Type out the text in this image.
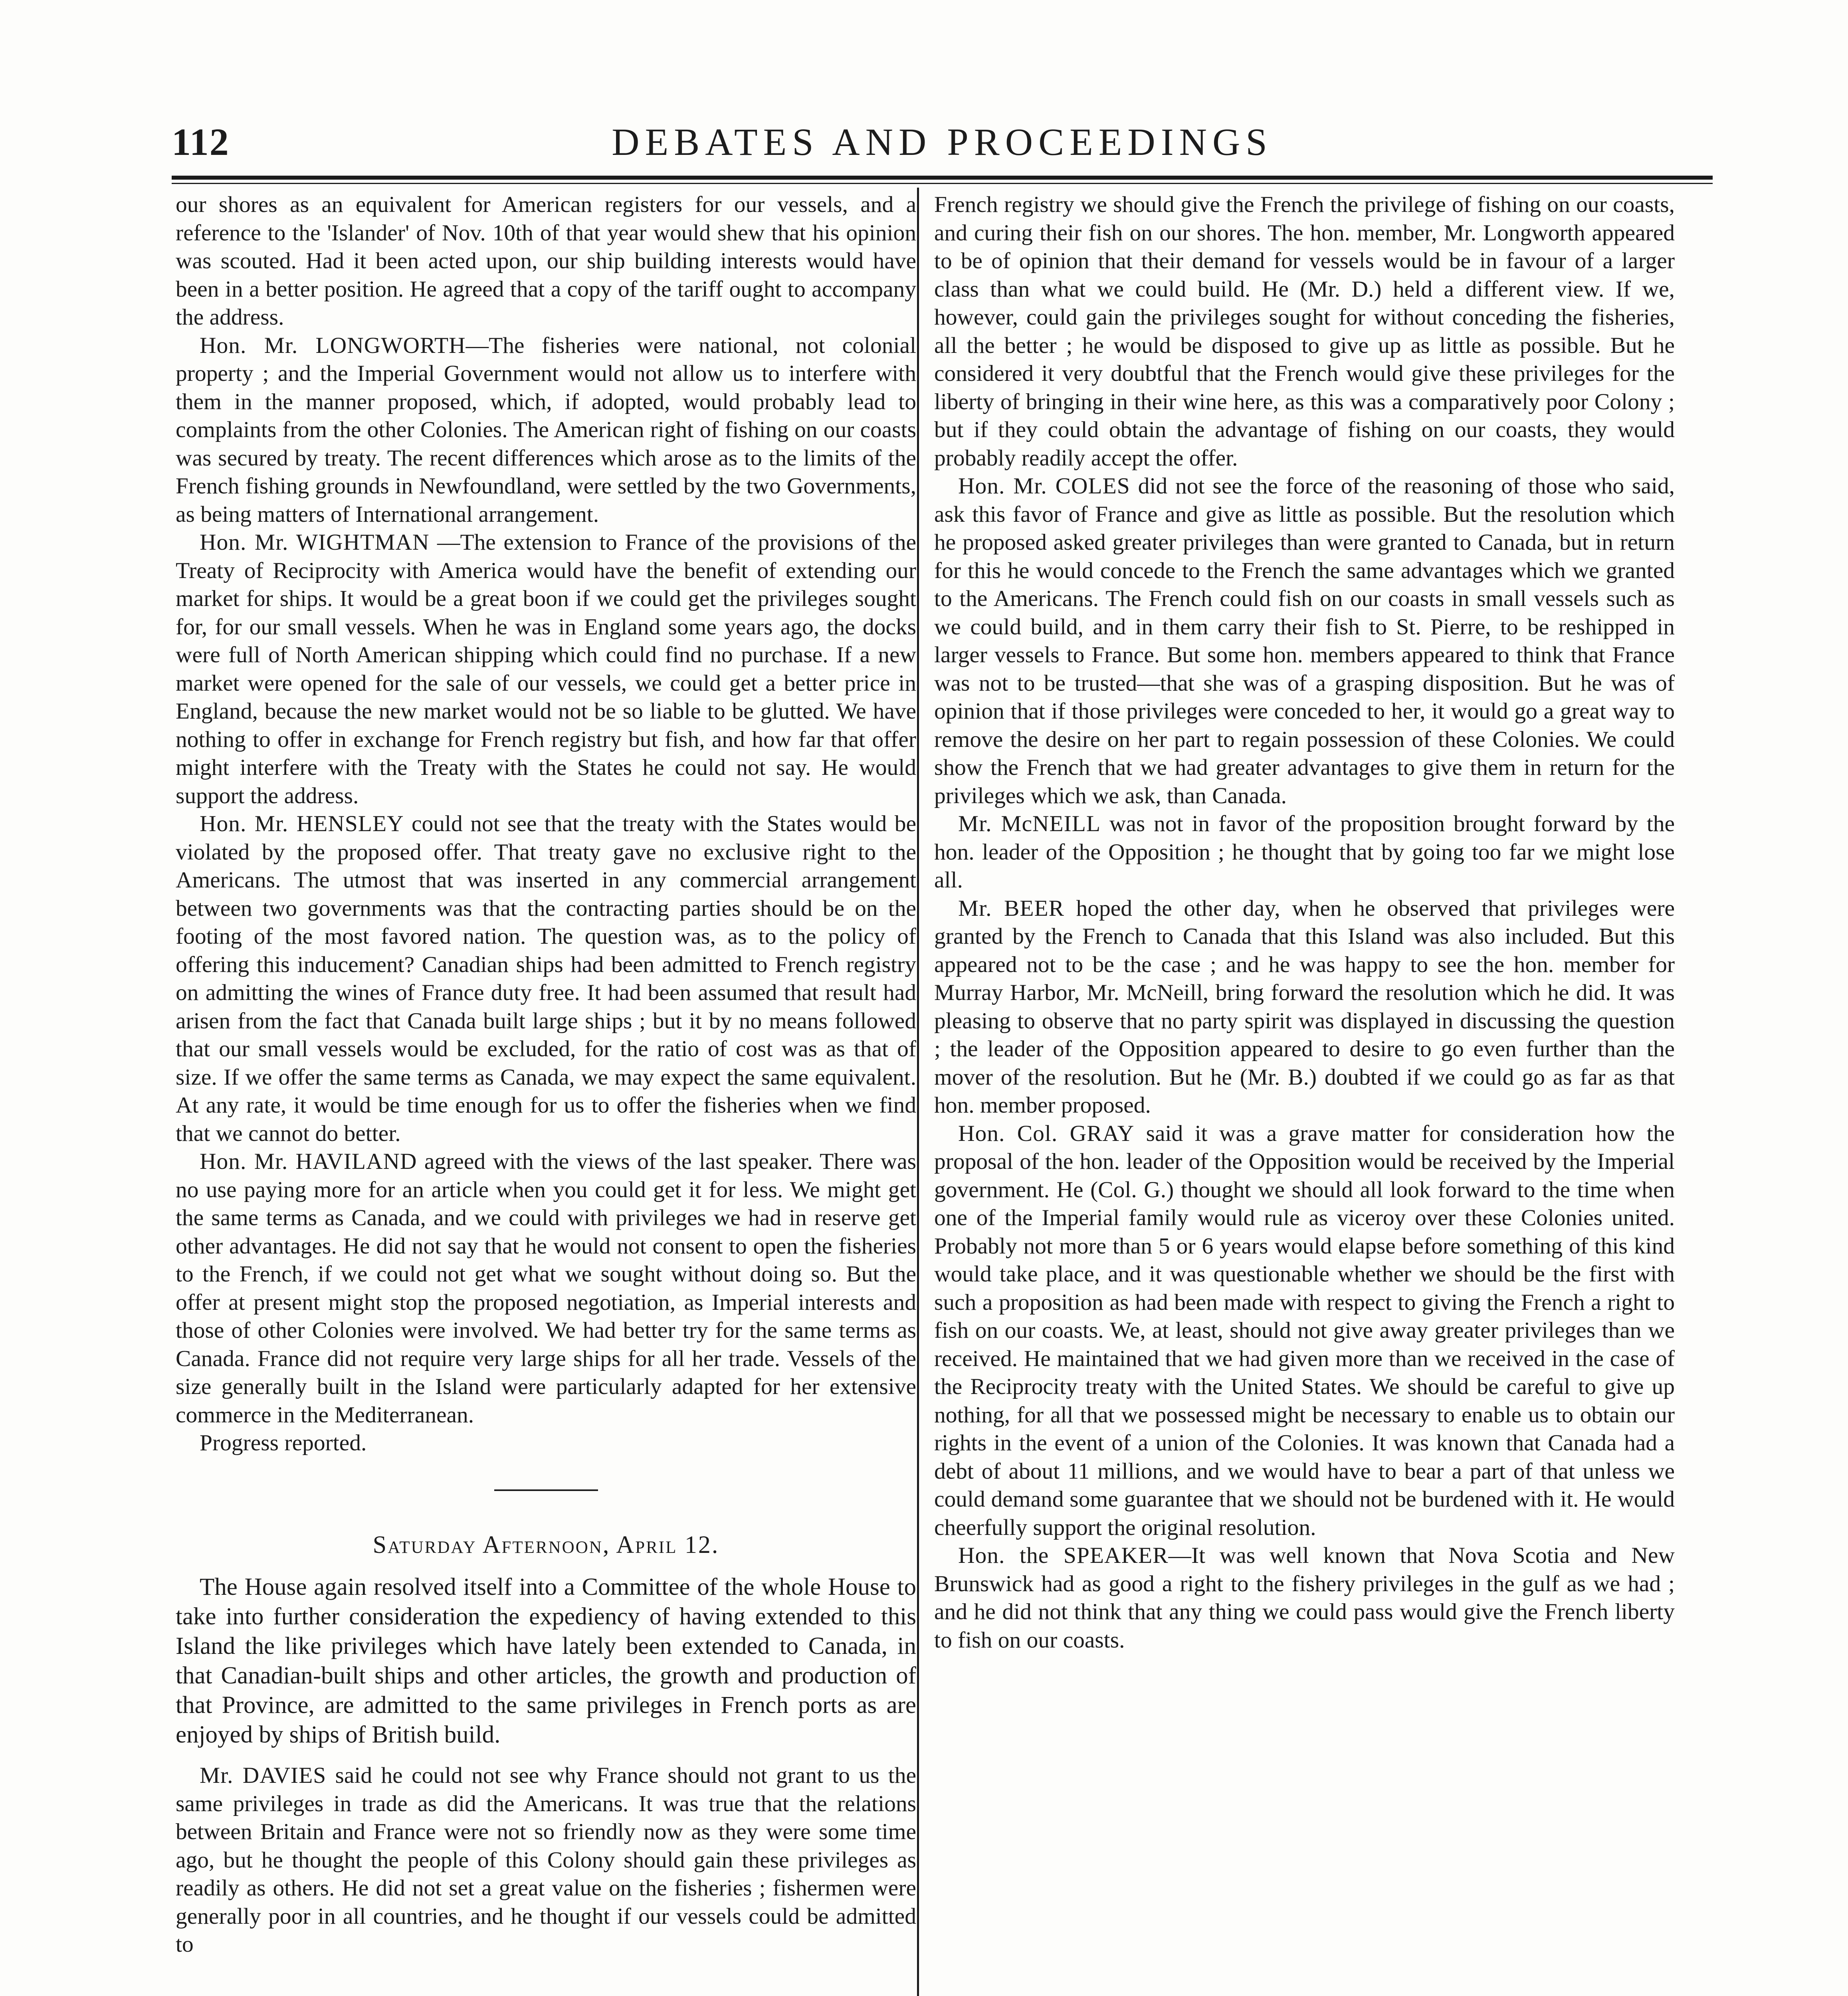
112	DEBATES AND PROCEEDINGS

our shores as an equivalent for American registers for our vessels, and a reference to the 'Islander' of Nov. 10th of that year would shew that his opinion was scouted. Had it been acted upon, our ship building interests would have been in a better position. He agreed that a copy of the tariff ought to accompany the address.

Hon. Mr. LONGWORTH—The fisheries were national, not colonial property ; and the Imperial Government would not allow us to interfere with them in the manner proposed, which, if adopted, would probably lead to complaints from the other Colonies. The American right of fishing on our coasts was secured by treaty. The recent differences which arose as to the limits of the French fishing grounds in Newfoundland, were settled by the two Governments, as being matters of International arrangement.

Hon. Mr. WIGHTMAN —The extension to France of the provisions of the Treaty of Reciprocity with America would have the benefit of extending our market for ships. It would be a great boon if we could get the privileges sought for, for our small vessels. When he was in England some years ago, the docks were full of North American shipping which could find no purchase. If a new market were opened for the sale of our vessels, we could get a better price in England, because the new market would not be so liable to be glutted. We have nothing to offer in exchange for French registry but fish, and how far that offer might interfere with the Treaty with the States he could not say. He would support the address.

Hon. Mr. HENSLEY could not see that the treaty with the States would be violated by the proposed offer. That treaty gave no exclusive right to the Americans. The utmost that was inserted in any commercial arrangement between two governments was that the contracting parties should be on the footing of the most favored nation. The question was, as to the policy of offering this inducement? Canadian ships had been admitted to French registry on admitting the wines of France duty free. It had been assumed that result had arisen from the fact that Canada built large ships ; but it by no means followed that our small vessels would be excluded, for the ratio of cost was as that of size. If we offer the same terms as Canada, we may expect the same equivalent. At any rate, it would be time enough for us to offer the fisheries when we find that we cannot do better.

Hon. Mr. HAVILAND agreed with the views of the last speaker. There was no use paying more for an article when you could get it for less. We might get the same terms as Canada, and we could with privileges we had in reserve get other advantages. He did not say that he would not consent to open the fisheries to the French, if we could not get what we sought without doing so. But the offer at present might stop the proposed negotiation, as Imperial interests and those of other Colonies were involved. We had better try for the same terms as Canada. France did not require very large ships for all her trade. Vessels of the size generally built in the Island were particularly adapted for her extensive commerce in the Mediterranean.

Progress reported.

Saturday Afternoon, April 12.

The House again resolved itself into a Committee of the whole House to take into further consideration the expediency of having extended to this Island the like privileges which have lately been extended to Canada, in that Canadian-built ships and other articles, the growth and production of that Province, are admitted to the same privileges in French ports as are enjoyed by ships of British build.

Mr. DAVIES said he could not see why France should not grant to us the same privileges in trade as did the Americans. It was true that the relations between Britain and France were not so friendly now as they were some time ago, but he thought the people of this Colony should gain these privileges as readily as others. He did not set a great value on the fisheries ; fishermen were generally poor in all countries, and he thought if our vessels could be admitted to

French registry we should give the French the privilege of fishing on our coasts, and curing their fish on our shores. The hon. member, Mr. Longworth appeared to be of opinion that their demand for vessels would be in favour of a larger class than what we could build. He (Mr. D.) held a different view. If we, however, could gain the privileges sought for without conceding the fisheries, all the better ; he would be disposed to give up as little as possible. But he considered it very doubtful that the French would give these privileges for the liberty of bringing in their wine here, as this was a comparatively poor Colony ; but if they could obtain the advantage of fishing on our coasts, they would probably readily accept the offer.

Hon. Mr. COLES did not see the force of the reasoning of those who said, ask this favor of France and give as little as possible. But the resolution which he proposed asked greater privileges than were granted to Canada, but in return for this he would concede to the French the same advantages which we granted to the Americans. The French could fish on our coasts in small vessels such as we could build, and in them carry their fish to St. Pierre, to be reshipped in larger vessels to France. But some hon. members appeared to think that France was not to be trusted—that she was of a grasping disposition. But he was of opinion that if those privileges were conceded to her, it would go a great way to remove the desire on her part to regain possession of these Colonies. We could show the French that we had greater advantages to give them in return for the privileges which we ask, than Canada.

Mr. McNEILL was not in favor of the proposition brought forward by the hon. leader of the Opposition ; he thought that by going too far we might lose all.

Mr. BEER hoped the other day, when he observed that privileges were granted by the French to Canada that this Island was also included. But this appeared not to be the case ; and he was happy to see the hon. member for Murray Harbor, Mr. McNeill, bring forward the resolution which he did. It was pleasing to observe that no party spirit was displayed in discussing the question ; the leader of the Opposition appeared to desire to go even further than the mover of the resolution. But he (Mr. B.) doubted if we could go as far as that hon. member proposed.

Hon. Col. GRAY said it was a grave matter for consideration how the proposal of the hon. leader of the Opposition would be received by the Imperial government. He (Col. G.) thought we should all look forward to the time when one of the Imperial family would rule as viceroy over these Colonies united. Probably not more than 5 or 6 years would elapse before something of this kind would take place, and it was questionable whether we should be the first with such a proposition as had been made with respect to giving the French a right to fish on our coasts. We, at least, should not give away greater privileges than we received. He maintained that we had given more than we received in the case of the Reciprocity treaty with the United States. We should be careful to give up nothing, for all that we possessed might be necessary to enable us to obtain our rights in the event of a union of the Colonies. It was known that Canada had a debt of about 11 millions, and we would have to bear a part of that unless we could demand some guarantee that we should not be burdened with it. He would cheerfully support the original resolution.

Hon. the SPEAKER—It was well known that Nova Scotia and New Brunswick had as good a right to the fishery privileges in the gulf as we had ; and he did not think that any thing we could pass would give the French liberty to fish on our coasts.
